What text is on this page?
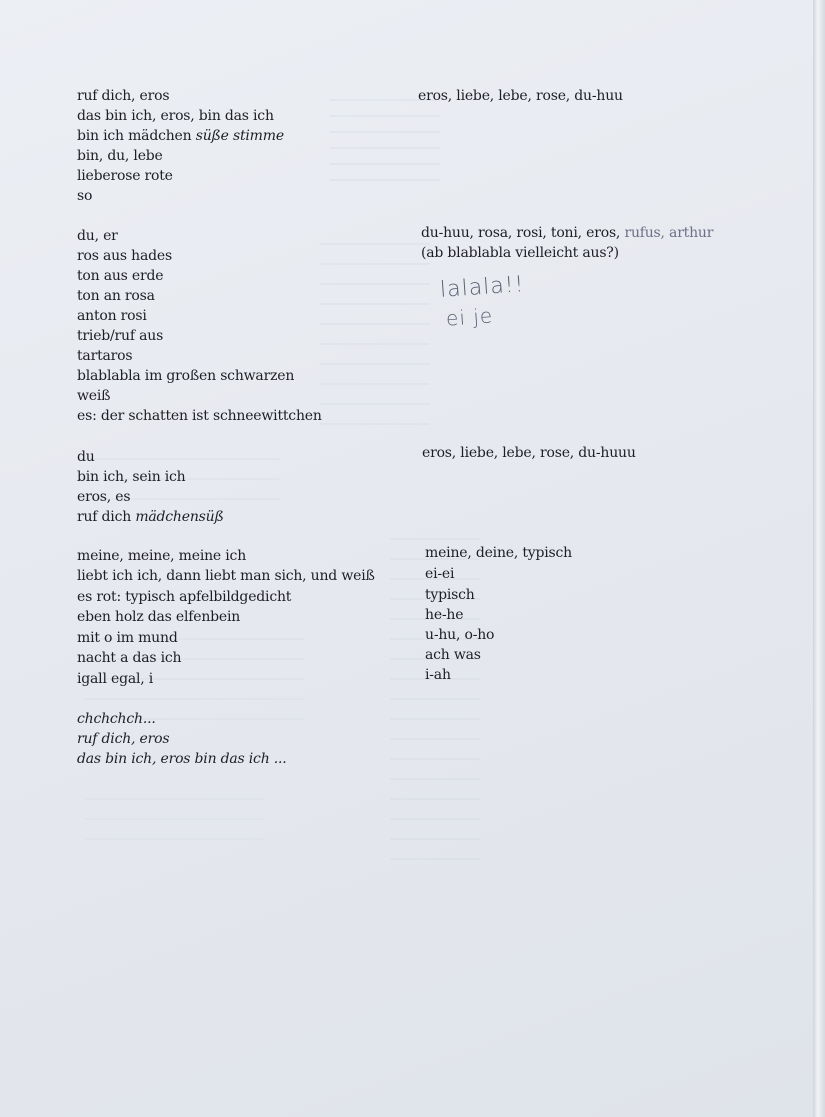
ruf dich, eros
das bin ich, eros, bin das ich
bin ich mädchen süße stimme
bin, du, lebe
lieberose rote
so
du, er
ros aus hades
ton aus erde
ton an rosa
anton rosi
trieb/ruf aus
tartaros
blablabla im großen schwarzen
weiß
es: der schatten ist schneewittchen
du
bin ich, sein ich
eros, es
ruf dich mädchensüß
meine, meine, meine ich
liebt ich ich, dann liebt man sich, und weiß
es rot: typisch apfelbildgedicht
eben holz das elfenbein
mit o im mund
nacht a das ich
igall egal, i
chchchch...
ruf dich, eros
das bin ich, eros bin das ich ...
eros, liebe, lebe, rose, du-huu
du-huu, rosa, rosi, toni, eros, rufus, arthur
(ab blablabla vielleicht aus?)
lalala!!
ei je
eros, liebe, lebe, rose, du-huuu
meine, deine, typisch
ei-ei
typisch
he-he
u-hu, o-ho
ach was
i-ah
